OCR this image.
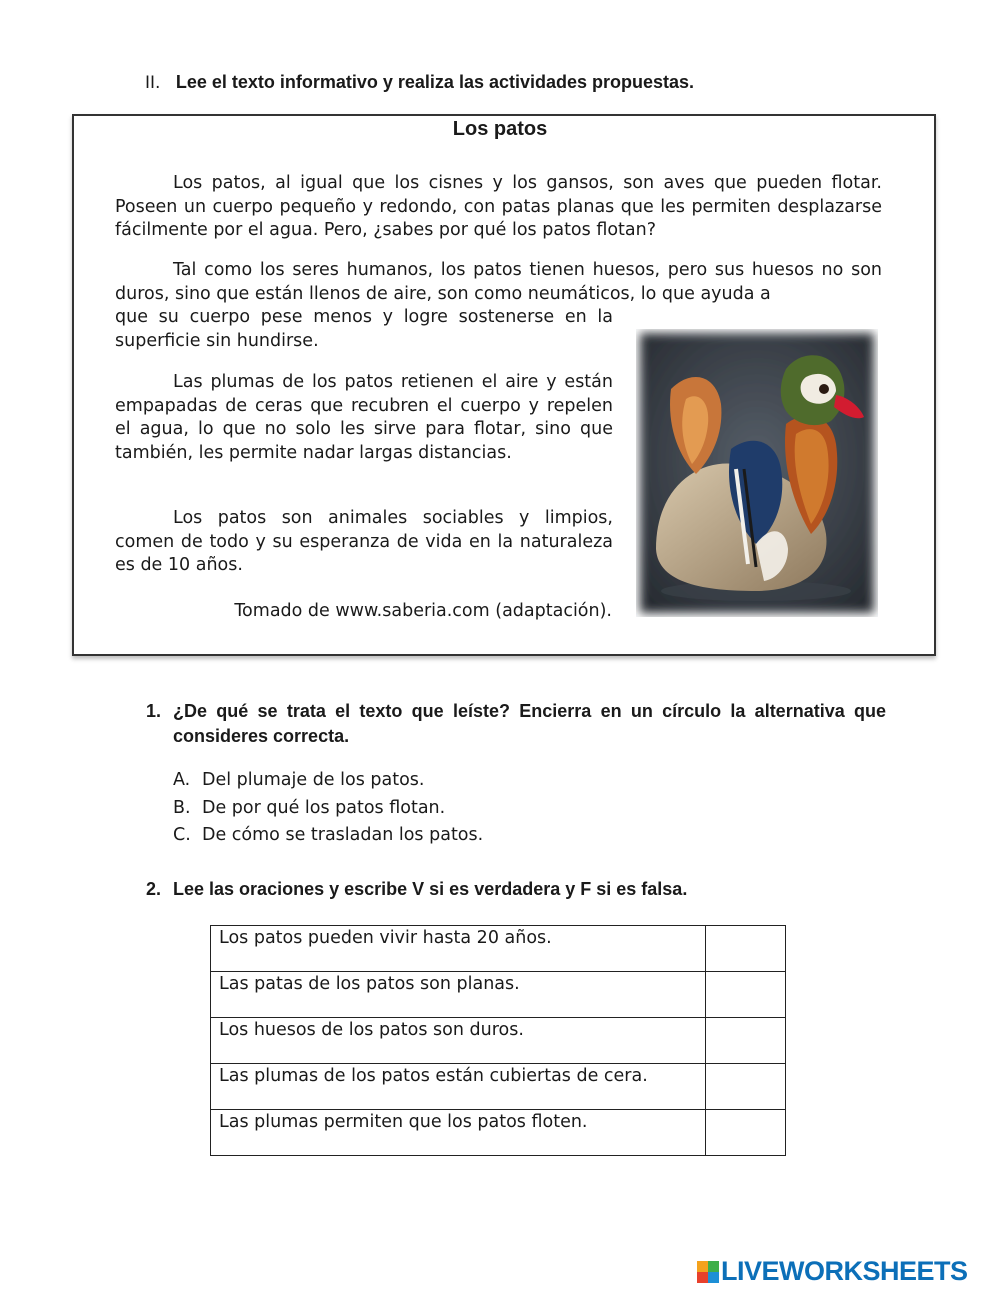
II. Lee el texto informativo y realiza las actividades propuestas.
Los patos
Los patos, al igual que los cisnes y los gansos, son aves que pueden flotar. Poseen un cuerpo pequeño y redondo, con patas planas que les permiten desplazarse fácilmente por el agua. Pero, ¿sabes por qué los patos flotan?
Tal como los seres humanos, los patos tienen huesos, pero sus huesos no son duros, sino que están llenos de aire, son como neumáticos, lo que ayuda a
que su cuerpo pese menos y logre sostenerse en la superficie sin hundirse.
Las plumas de los patos retienen el aire y están empapadas de ceras que recubren el cuerpo y repelen el agua, lo que no solo les sirve para flotar, sino que también, les permite nadar largas distancias.
Los patos son animales sociables y limpios, comen de todo y su esperanza de vida en la naturaleza es de 10 años.
Tomado de www.saberia.com (adaptación).
1. ¿De qué se trata el texto que leíste? Encierra en un círculo la alternativa que consideres correcta.
A. Del plumaje de los patos.
B. De por qué los patos flotan.
C. De cómo se trasladan los patos.
2. Lee las oraciones y escribe V si es verdadera y F si es falsa.
Los patos pueden vivir hasta 20 años.	
Las patas de los patos son planas.	
Los huesos de los patos son duros.	
Las plumas de los patos están cubiertas de cera.	
Las plumas permiten que los patos floten.	
LIVEWORKSHEETS
